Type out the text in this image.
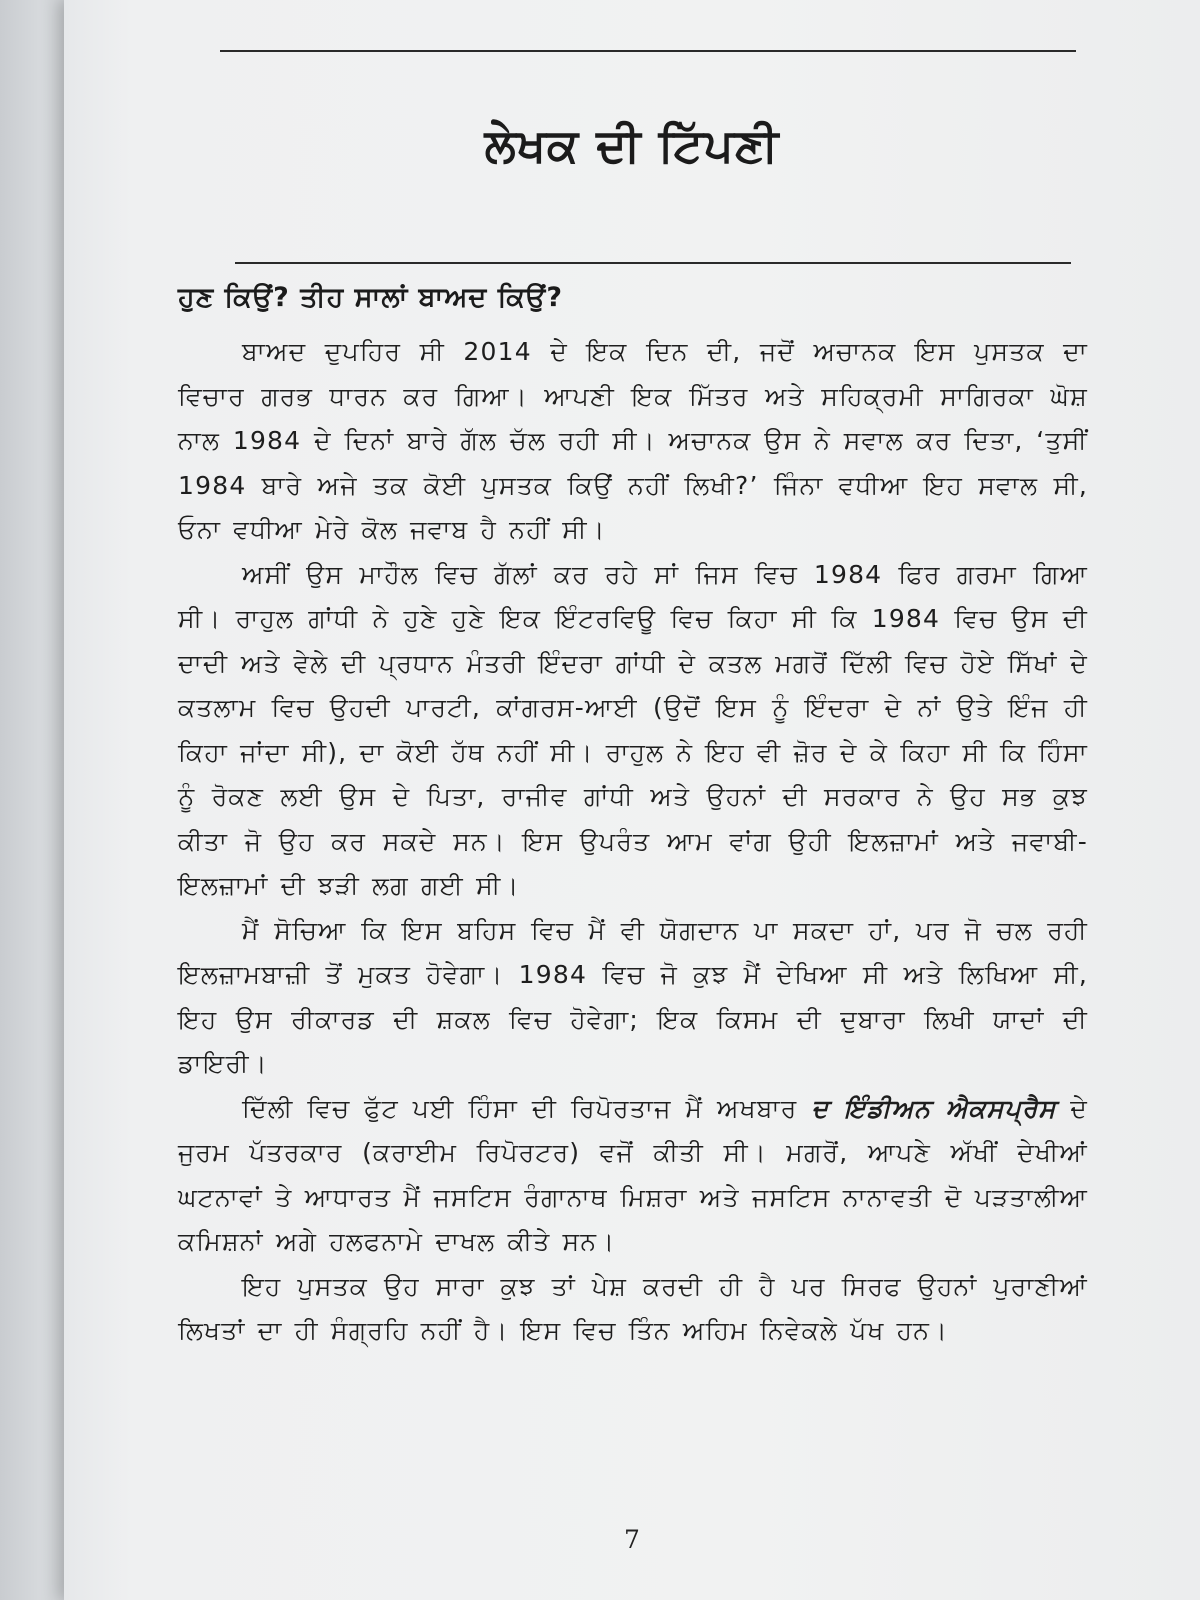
ਲੇਖਕ ਦੀ ਟਿੱਪਣੀ
ਹੁਣ ਕਿਉਂ? ਤੀਹ ਸਾਲਾਂ ਬਾਅਦ ਕਿਉਂ?

ਬਾਅਦ ਦੁਪਹਿਰ ਸੀ 2014 ਦੇ ਇਕ ਦਿਨ ਦੀ, ਜਦੋਂ ਅਚਾਨਕ ਇਸ ਪੁਸਤਕ ਦਾ ਵਿਚਾਰ ਗਰਭ ਧਾਰਨ ਕਰ ਗਿਆ। ਆਪਣੀ ਇਕ ਮਿੱਤਰ ਅਤੇ ਸਹਿਕ੍ਰਮੀ ਸਾਗਿਰਕਾ ਘੋਸ਼ ਨਾਲ 1984 ਦੇ ਦਿਨਾਂ ਬਾਰੇ ਗੱਲ ਚੱਲ ਰਹੀ ਸੀ। ਅਚਾਨਕ ਉਸ ਨੇ ਸਵਾਲ ਕਰ ਦਿਤਾ, ‘ਤੁਸੀਂ 1984 ਬਾਰੇ ਅਜੇ ਤਕ ਕੋਈ ਪੁਸਤਕ ਕਿਉਂ ਨਹੀਂ ਲਿਖੀ?’ ਜਿੰਨਾ ਵਧੀਆ ਇਹ ਸਵਾਲ ਸੀ, ਓਨਾ ਵਧੀਆ ਮੇਰੇ ਕੋਲ ਜਵਾਬ ਹੈ ਨਹੀਂ ਸੀ।

ਅਸੀਂ ਉਸ ਮਾਹੌਲ ਵਿਚ ਗੱਲਾਂ ਕਰ ਰਹੇ ਸਾਂ ਜਿਸ ਵਿਚ 1984 ਫਿਰ ਗਰਮਾ ਗਿਆ ਸੀ। ਰਾਹੁਲ ਗਾਂਧੀ ਨੇ ਹੁਣੇ ਹੁਣੇ ਇਕ ਇੰਟਰਵਿਊ ਵਿਚ ਕਿਹਾ ਸੀ ਕਿ 1984 ਵਿਚ ਉਸ ਦੀ ਦਾਦੀ ਅਤੇ ਵੇਲੇ ਦੀ ਪ੍ਰਧਾਨ ਮੰਤਰੀ ਇੰਦਰਾ ਗਾਂਧੀ ਦੇ ਕਤਲ ਮਗਰੋਂ ਦਿੱਲੀ ਵਿਚ ਹੋਏ ਸਿੱਖਾਂ ਦੇ ਕਤਲਾਮ ਵਿਚ ਉਹਦੀ ਪਾਰਟੀ, ਕਾਂਗਰਸ-ਆਈ (ਉਦੋਂ ਇਸ ਨੂੰ ਇੰਦਰਾ ਦੇ ਨਾਂ ਉਤੇ ਇੰਜ ਹੀ ਕਿਹਾ ਜਾਂਦਾ ਸੀ), ਦਾ ਕੋਈ ਹੱਥ ਨਹੀਂ ਸੀ। ਰਾਹੁਲ ਨੇ ਇਹ ਵੀ ਜ਼ੋਰ ਦੇ ਕੇ ਕਿਹਾ ਸੀ ਕਿ ਹਿੰਸਾ ਨੂੰ ਰੋਕਣ ਲਈ ਉਸ ਦੇ ਪਿਤਾ, ਰਾਜੀਵ ਗਾਂਧੀ ਅਤੇ ਉਹਨਾਂ ਦੀ ਸਰਕਾਰ ਨੇ ਉਹ ਸਭ ਕੁਝ ਕੀਤਾ ਜੋ ਉਹ ਕਰ ਸਕਦੇ ਸਨ। ਇਸ ਉਪਰੰਤ ਆਮ ਵਾਂਗ ਉਹੀ ਇਲਜ਼ਾਮਾਂ ਅਤੇ ਜਵਾਬੀ-ਇਲਜ਼ਾਮਾਂ ਦੀ ਝੜੀ ਲਗ ਗਈ ਸੀ।

ਮੈਂ ਸੋਚਿਆ ਕਿ ਇਸ ਬਹਿਸ ਵਿਚ ਮੈਂ ਵੀ ਯੋਗਦਾਨ ਪਾ ਸਕਦਾ ਹਾਂ, ਪਰ ਜੋ ਚਲ ਰਹੀ ਇਲਜ਼ਾਮਬਾਜ਼ੀ ਤੋਂ ਮੁਕਤ ਹੋਵੇਗਾ। 1984 ਵਿਚ ਜੋ ਕੁਝ ਮੈਂ ਦੇਖਿਆ ਸੀ ਅਤੇ ਲਿਖਿਆ ਸੀ, ਇਹ ਉਸ ਰੀਕਾਰਡ ਦੀ ਸ਼ਕਲ ਵਿਚ ਹੋਵੇਗਾ; ਇਕ ਕਿਸਮ ਦੀ ਦੁਬਾਰਾ ਲਿਖੀ ਯਾਦਾਂ ਦੀ ਡਾਇਰੀ।

ਦਿੱਲੀ ਵਿਚ ਫੁੱਟ ਪਈ ਹਿੰਸਾ ਦੀ ਰਿਪੋਰਤਾਜ ਮੈਂ ਅਖਬਾਰ ਦ ਇੰਡੀਅਨ ਐਕਸਪ੍ਰੈਸ ਦੇ ਜੁਰਮ ਪੱਤਰਕਾਰ (ਕਰਾਈਮ ਰਿਪੋਰਟਰ) ਵਜੋਂ ਕੀਤੀ ਸੀ। ਮਗਰੋਂ, ਆਪਣੇ ਅੱਖੀਂ ਦੇਖੀਆਂ ਘਟਨਾਵਾਂ ਤੇ ਆਧਾਰਤ ਮੈਂ ਜਸਟਿਸ ਰੰਗਾਨਾਥ ਮਿਸ਼ਰਾ ਅਤੇ ਜਸਟਿਸ ਨਾਨਾਵਤੀ ਦੋ ਪੜਤਾਲੀਆ ਕਮਿਸ਼ਨਾਂ ਅਗੇ ਹਲਫਨਾਮੇ ਦਾਖਲ ਕੀਤੇ ਸਨ।

ਇਹ ਪੁਸਤਕ ਉਹ ਸਾਰਾ ਕੁਝ ਤਾਂ ਪੇਸ਼ ਕਰਦੀ ਹੀ ਹੈ ਪਰ ਸਿਰਫ ਉਹਨਾਂ ਪੁਰਾਣੀਆਂ ਲਿਖਤਾਂ ਦਾ ਹੀ ਸੰਗ੍ਰਹਿ ਨਹੀਂ ਹੈ। ਇਸ ਵਿਚ ਤਿੰਨ ਅਹਿਮ ਨਿਵੇਕਲੇ ਪੱਖ ਹਨ।

7
